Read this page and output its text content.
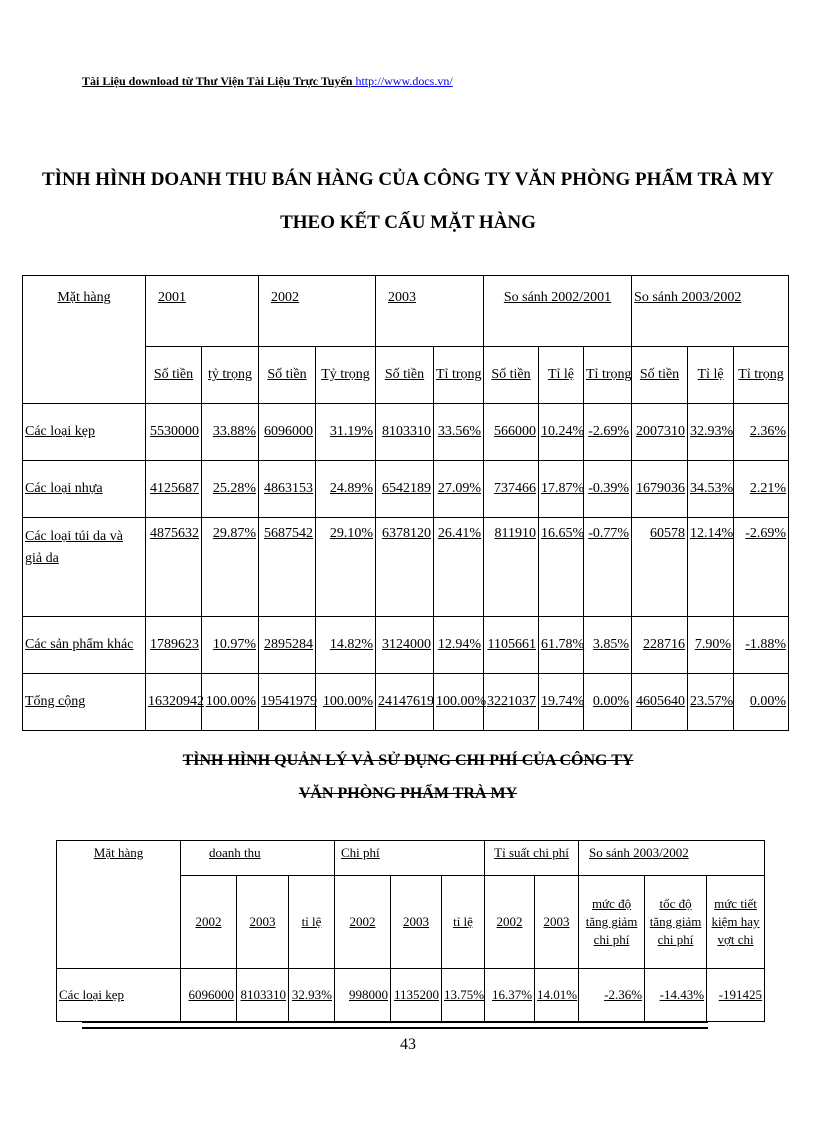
Tài Liệu download từ Thư Viện Tài Liệu Trực Tuyến http://www.docs.vn/
TÌNH HÌNH DOANH THU BÁN HÀNG CỦA CÔNG TY VĂN PHÒNG PHẨM TRÀ MY
THEO KẾT CẤU MẶT HÀNG
Mặt hàng	2001		2002		2003		So sánh 2002/2001			So sánh 2003/2002		
	Số tiền	tỷ trọng	Số tiền	Tỷ trọng	Số tiền	Tỉ trọng	Số tiền	Tỉ lệ	Tỉ trọng	Số tiền	Tỉ lệ	Tỉ trọng
Các loại kẹp	5530000	33.88%	6096000	31.19%	8103310	33.56%	566000	10.24%	-2.69%	2007310	32.93%	2.36%
Các loại nhựa	4125687	25.28%	4863153	24.89%	6542189	27.09%	737466	17.87%	-0.39%	1679036	34.53%	2.21%
Các loại túi da và giả da	4875632	29.87%	5687542	29.10%	6378120	26.41%	811910	16.65%	-0.77%	60578	12.14%	-2.69%
Các sản phẩm khác	1789623	10.97%	2895284	14.82%	3124000	12.94%	1105661	61.78%	3.85%	228716	7.90%	-1.88%
Tổng cộng	16320942	100.00%	19541979	100.00%	24147619	100.00%	3221037	19.74%	0.00%	4605640	23.57%	0.00%
TÌNH HÌNH QUẢN LÝ VÀ SỬ DỤNG CHI PHÍ CỦA CÔNG TY
VĂN PHÒNG PHẨM TRÀ MY
Mặt hàng	doanh thu			Chi phí			Tỉ suất chi phí		So sánh 2003/2002		
	2002	2003	tỉ lệ	2002	2003	tỉ lệ	2002	2003	mức độ tăng giảm chi phí	tốc độ tăng giảm chi phí	mức tiết kiệm hay vợt chi
Các loại kẹp	6096000	8103310	32.93%	998000	1135200	13.75%	16.37%	14.01%	-2.36%	-14.43%	-191425
43
